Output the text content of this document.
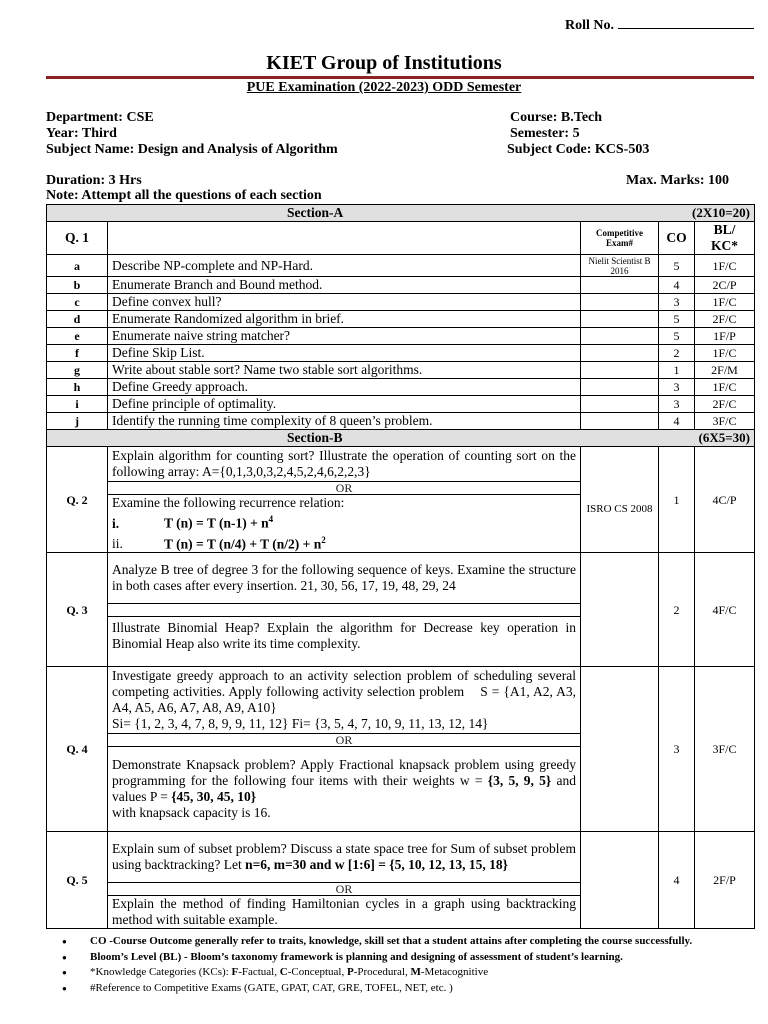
Roll No.
KIET Group of Institutions
PUE Examination (2022-2023) ODD Semester
Department: CSE	Course: B.Tech
Year: Third	Semester: 5
Subject Name: Design and Analysis of Algorithm	Subject Code: KCS-503
Duration: 3 Hrs	Max. Marks: 100
Note: Attempt all the questions of each section
Section-A		(2X10=20)		
Q. 1		Competitive Exam#	CO	BL/ KC*
a	Describe NP-complete and NP-Hard.	Nielit Scientist B 2016	5	1F/C
b	Enumerate Branch and Bound method.		4	2C/P
c	Define convex hull?		3	1F/C
d	Enumerate Randomized algorithm in brief.		5	2F/C
e	Enumerate naive string matcher?		5	1F/P
f	Define Skip List.		2	1F/C
g	Write about stable sort? Name two stable sort algorithms.		1	2F/M
h	Define Greedy approach.		3	1F/C
i	Define principle of optimality.		3	2F/C
j	Identify the running time complexity of 8 queen’s problem.		4	3F/C
Section-B		(6X5=30)		
Q. 2	Explain algorithm for counting sort? Illustrate the operation of counting sort on the following array: A={0,1,3,0,3,2,4,5,2,4,6,2,2,3}	ISRO CS 2008	1	4C/P
	OR			

	Examine the following recurrence relation:
i. T (n) = T $(n-1) + n^4$
ii. T (n) = T (n/4) + T $(n/2) + n^2$

Q. 3	Analyze B tree of degree 3 for the following sequence of keys. Examine the structure in both cases after every insertion. 21, 30, 56, 17, 19, 48, 29, 24		2	4F/C

	Illustrate Binomial Heap? Explain the algorithm for Decrease key operation in Binomial Heap also write its time complexity.			
Q. 4	Investigate greedy approach to an activity selection problem of scheduling several competing activities. Apply following activity selection problem S = {A1, A2, A3, A4, A5, A6, A7, A8, A9, A10}
Si= {1, 2, 3, 4, 7, 8, 9, 9, 11, 12} Fi= {3, 5, 4, 7, 10, 9, 11, 13, 12, 14}		3	3F/C
	OR			
	Demonstrate Knapsack problem? Apply Fractional knapsack problem using greedy programming for the following four items with their weights w = {3, 5, 9, 5} and values P = {45, 30, 45, 10}
with knapsack capacity is 16.			
Q. 5	Explain sum of subset problem? Discuss a state space tree for Sum of subset problem using backtracking? Let n=6, m=30 and w [1:6] = {5, 10, 12, 13, 15, 18}		4	2F/P
	OR			
	Explain the method of finding Hamiltonian cycles in a graph using backtracking method with suitable example.			
● CO -Course Outcome generally refer to traits, knowledge, skill set that a student attains after completing the course successfully.
● Bloom’s Level (BL) - Bloom’s taxonomy framework is planning and designing of assessment of student’s learning.
● *Knowledge Categories (KCs): F-Factual, C-Conceptual, P-Procedural, M-Metacognitive
● #Reference to Competitive Exams (GATE, GPAT, CAT, GRE, TOFEL, NET, etc. )
